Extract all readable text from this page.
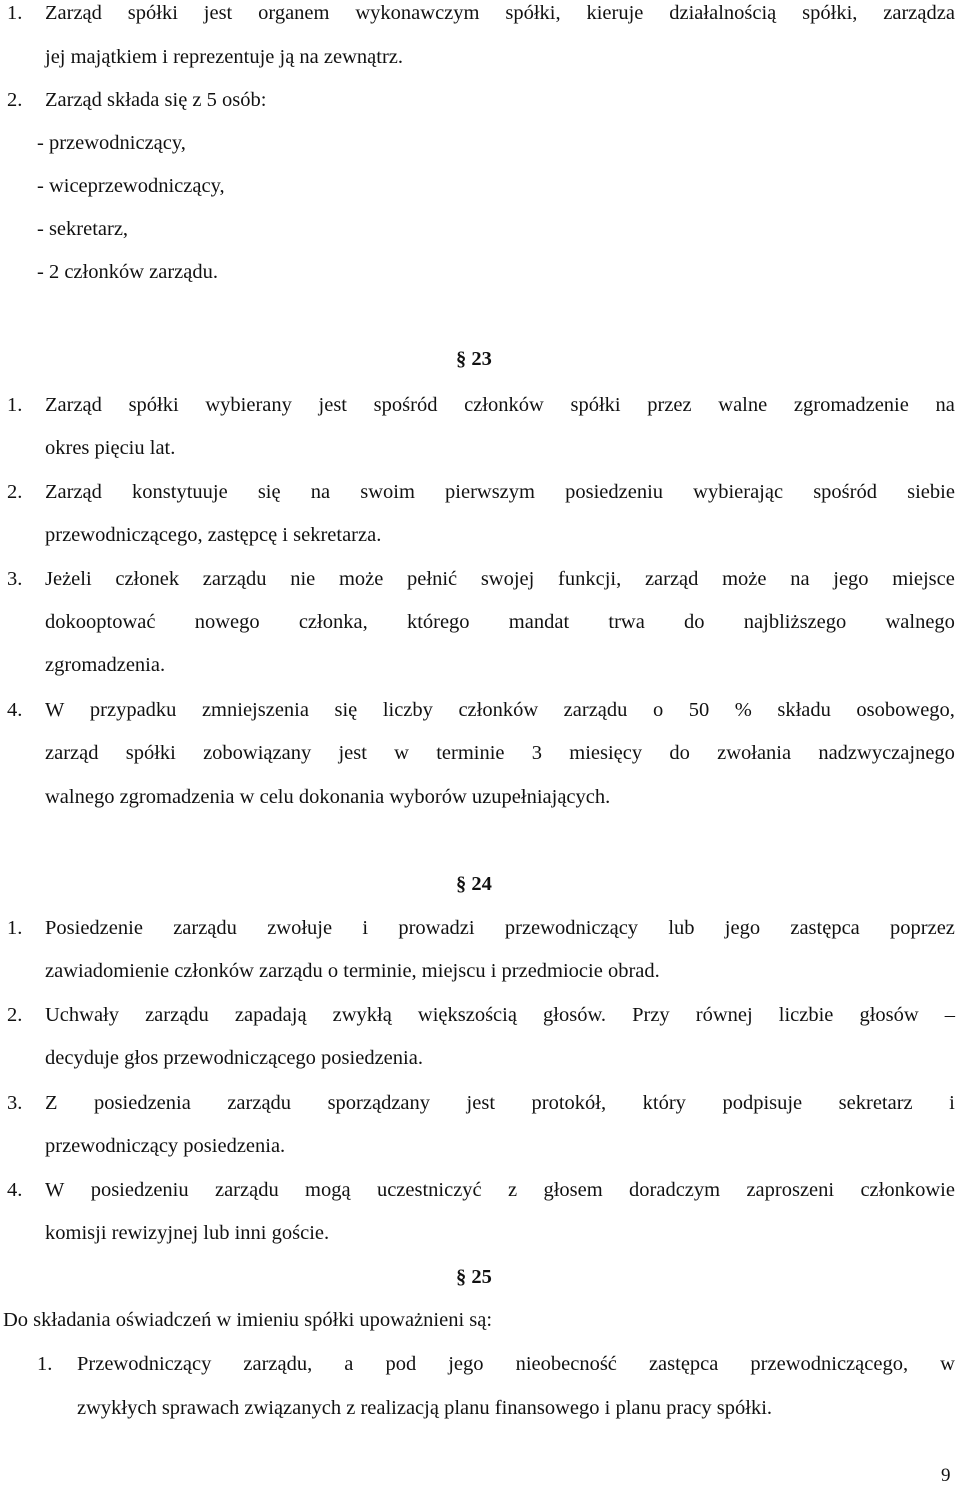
1. Zarząd spółki jest organem wykonawczym spółki, kieruje działalnością spółki, zarządza
jej majątkiem i reprezentuje ją na zewnątrz.
2. Zarząd składa się z 5 osób:
- przewodniczący,
- wiceprzewodniczący,
- sekretarz,
- 2 członków zarządu.
§ 23
1. Zarząd spółki wybierany jest spośród członków spółki przez walne zgromadzenie na
okres pięciu lat.
2. Zarząd konstytuuje się na swoim pierwszym posiedzeniu wybierając spośród siebie
przewodniczącego, zastępcę i sekretarza.
3. Jeżeli członek zarządu nie może pełnić swojej funkcji, zarząd może na jego miejsce
dokooptować nowego członka, którego mandat trwa do najbliższego walnego
zgromadzenia.
4. W przypadku zmniejszenia się liczby członków zarządu o 50 % składu osobowego,
zarząd spółki zobowiązany jest w terminie 3 miesięcy do zwołania nadzwyczajnego
walnego zgromadzenia w celu dokonania wyborów uzupełniających.
§ 24
1. Posiedzenie zarządu zwołuje i prowadzi przewodniczący lub jego zastępca poprzez
zawiadomienie członków zarządu o terminie, miejscu i przedmiocie obrad.
2. Uchwały zarządu zapadają zwykłą większością głosów. Przy równej liczbie głosów –
decyduje głos przewodniczącego posiedzenia.
3. Z posiedzenia zarządu sporządzany jest protokół, który podpisuje sekretarz i
przewodniczący posiedzenia.
4. W posiedzeniu zarządu mogą uczestniczyć z głosem doradczym zaproszeni członkowie
komisji rewizyjnej lub inni goście.
§ 25
Do składania oświadczeń w imieniu spółki upoważnieni są:
1. Przewodniczący zarządu, a pod jego nieobecność zastępca przewodniczącego, w
zwykłych sprawach związanych z realizacją planu finansowego i planu pracy spółki.
9
